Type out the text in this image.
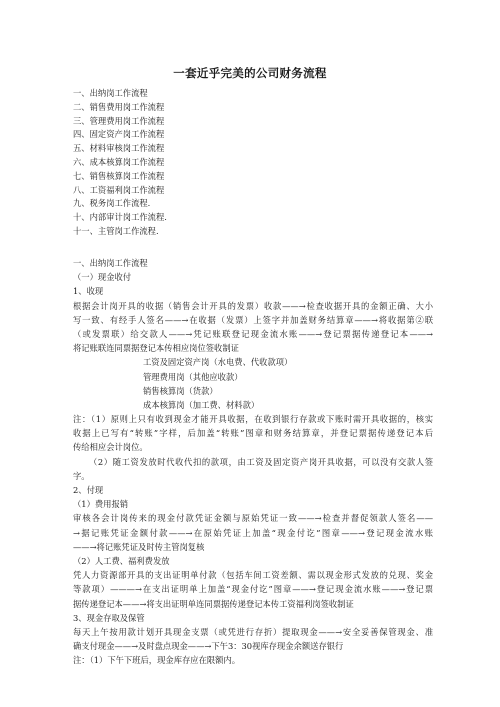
一套近乎完美的公司财务流程
一、出纳岗工作流程
二、销售费用岗工作流程
三、管理费用岗工作流程
四、固定资产岗工作流程
五、材料审核岗工作流程
六、成本核算岗工作流程
七、销售核算岗工作流程
八、工资福利岗工作流程
九、税务岗工作流程.
十、内部审计岗工作流程.
十一、主管岗工作流程.
一、出纳岗工作流程
（一）现金收付
1、收现
根据会计岗开具的收据（销售会计开具的发票）收款——→检查收据开具的金额正确、大小
写一致、有经手人签名——→在收据（发票）上签字并加盖财务结算章——→将收据第②联
（或发票联）给交款人——→凭记账联登记现金流水账——→登记票据传递登记本——→
将记账联连同票据登记本传相应岗位签收制证
工资及固定资产岗（水电费、代收款项）
管理费用岗（其他应收款）
销售核算岗（货款）
成本核算岗（加工费、材料款）
注：（1）原则上只有收到现金才能开具收据，在收到银行存款或下账时需开具收据的，核实
收据上已写有“转账”字样，后加盖“转账”图章和财务结算章，并登记票据传递登记本后
传给相应会计岗位。
（2）随工资发放时代收代扣的款项，由工资及固定资产岗开具收据，可以没有交款人签
字。
2、付现
（1）费用报销
审核各会计岗传来的现金付款凭证金额与原始凭证一致——→检查并督促领款人签名——
→据记账凭证金额付款——→在原始凭证上加盖“现金付讫”图章——→登记现金流水账
——→将记账凭证及时传主管岗复核
（2）人工费、福利费发放
凭人力资源部开具的支出证明单付款（包括车间工资差额、需以现金形式发放的兑现、奖金
等款项）———→在支出证明单上加盖“现金付讫”图章——→登记现金流水账——→登记票
据传递登记本——→将支出证明单连同票据传递登记本传工资福利岗签收制证
3、现金存取及保管
每天上午按用款计划开具现金支票（或凭进行存折）提取现金——→安全妥善保管现金、准
确支付现金——→及时盘点现金——→下午3：30视库存现金余额送存银行
注：（1）下午下班后，现金库存应在限额内。
